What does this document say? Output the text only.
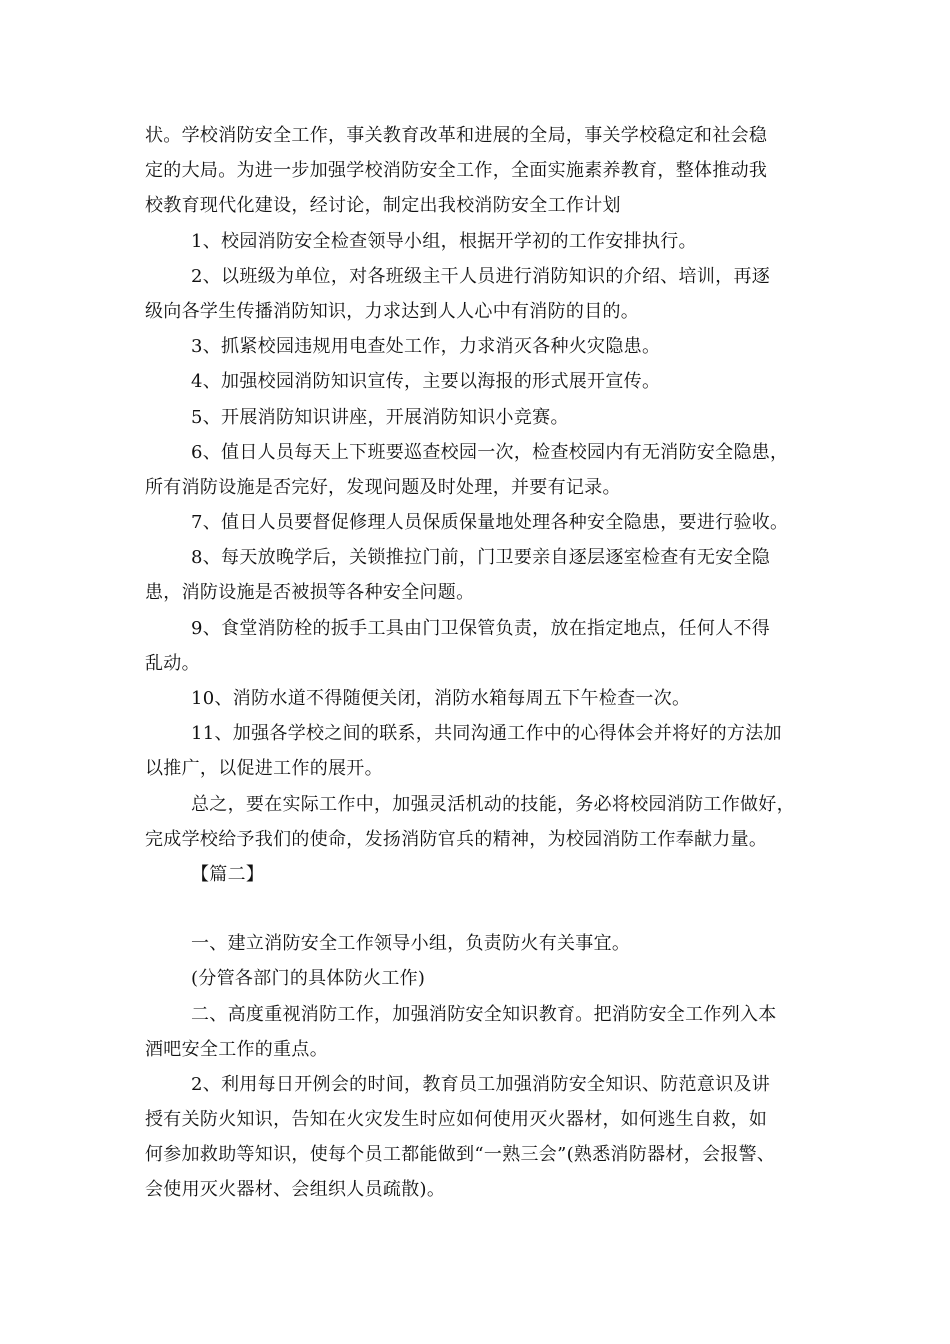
状。学校消防安全工作，事关教育改革和进展的全局，事关学校稳定和社会稳
定的大局。为进一步加强学校消防安全工作，全面实施素养教育，整体推动我
校教育现代化建设，经讨论，制定出我校消防安全工作计划
1、校园消防安全检查领导小组，根据开学初的工作安排执行。
2、以班级为单位，对各班级主干人员进行消防知识的介绍、培训，再逐
级向各学生传播消防知识，力求达到人人心中有消防的目的。
3、抓紧校园违规用电查处工作，力求消灭各种火灾隐患。
4、加强校园消防知识宣传，主要以海报的形式展开宣传。
5、开展消防知识讲座，开展消防知识小竞赛。
6、值日人员每天上下班要巡查校园一次，检查校园内有无消防安全隐患，
所有消防设施是否完好，发现问题及时处理，并要有记录。
7、值日人员要督促修理人员保质保量地处理各种安全隐患，要进行验收。
8、每天放晚学后，关锁推拉门前，门卫要亲自逐层逐室检查有无安全隐
患，消防设施是否被损等各种安全问题。
9、食堂消防栓的扳手工具由门卫保管负责，放在指定地点，任何人不得
乱动。
10、消防水道不得随便关闭，消防水箱每周五下午检查一次。
11、加强各学校之间的联系，共同沟通工作中的心得体会并将好的方法加
以推广，以促进工作的展开。
总之，要在实际工作中，加强灵活机动的技能，务必将校园消防工作做好，
完成学校给予我们的使命，发扬消防官兵的精神，为校园消防工作奉献力量。
【篇二】
一、建立消防安全工作领导小组，负责防火有关事宜。
(分管各部门的具体防火工作)
二、高度重视消防工作，加强消防安全知识教育。把消防安全工作列入本
酒吧安全工作的重点。
2、利用每日开例会的时间，教育员工加强消防安全知识、防范意识及讲
授有关防火知识，告知在火灾发生时应如何使用灭火器材，如何逃生自救，如
何参加救助等知识，使每个员工都能做到“一熟三会”(熟悉消防器材，会报警、
会使用灭火器材、会组织人员疏散)。
